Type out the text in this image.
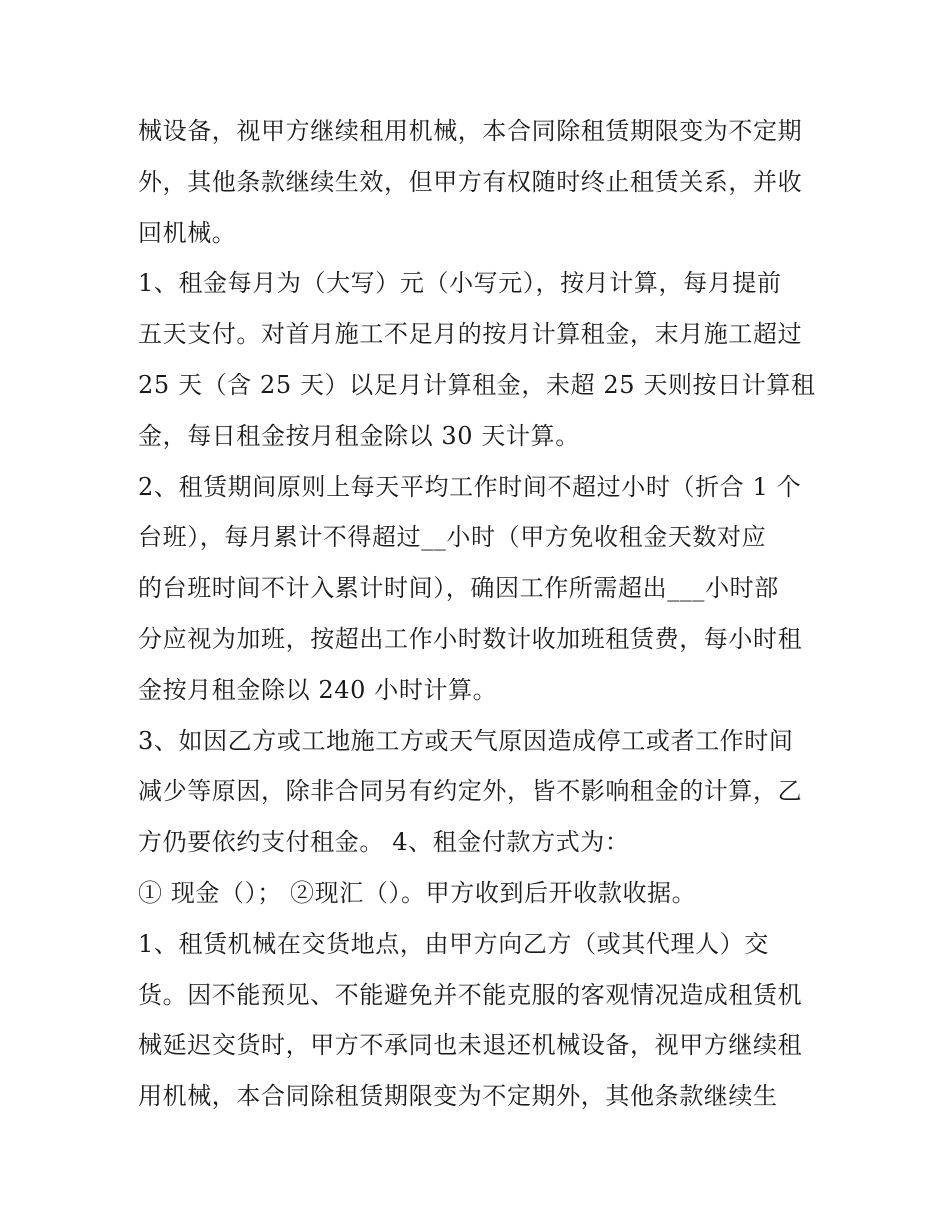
械设备，视甲方继续租用机械，本合同除租赁期限变为不定期
外，其他条款继续生效，但甲方有权随时终止租赁关系，并收
回机械。
1、租金每月为（大写）元（小写元），按月计算，每月提前
五天支付。对首月施工不足月的按月计算租金，末月施工超过
25 天（含 25 天）以足月计算租金，未超 25 天则按日计算租
金，每日租金按月租金除以 30 天计算。
2、租赁期间原则上每天平均工作时间不超过小时（折合 1 个
台班），每月累计不得超过__小时（甲方免收租金天数对应
的台班时间不计入累计时间），确因工作所需超出___小时部
分应视为加班，按超出工作小时数计收加班租赁费，每小时租
金按月租金除以 240 小时计算。
3、如因乙方或工地施工方或天气原因造成停工或者工作时间
减少等原因，除非合同另有约定外，皆不影响租金的计算，乙
方仍要依约支付租金。 4、租金付款方式为：
① 现金（）； ②现汇（）。甲方收到后开收款收据。
1、租赁机械在交货地点，由甲方向乙方（或其代理人）交
货。因不能预见、不能避免并不能克服的客观情况造成租赁机
械延迟交货时，甲方不承同也未退还机械设备，视甲方继续租
用机械，本合同除租赁期限变为不定期外，其他条款继续生
